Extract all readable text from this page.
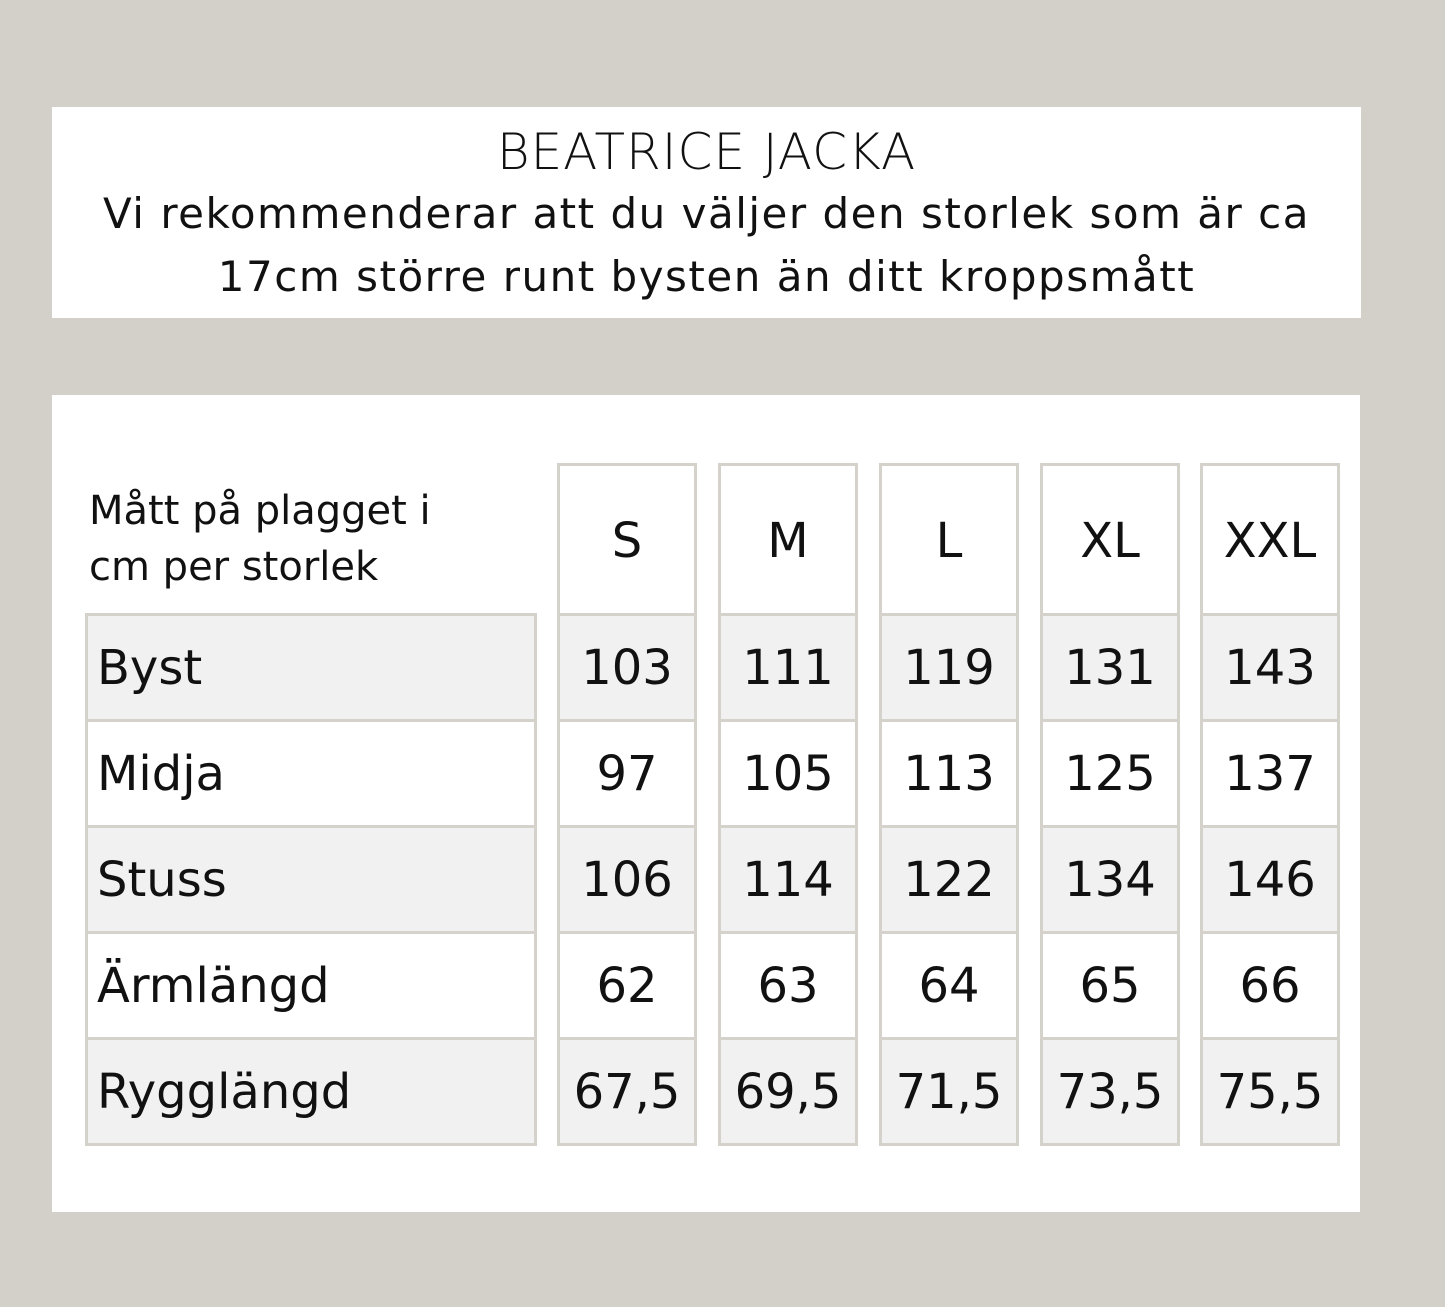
BEATRICE JACKA
Vi rekommenderar att du väljer den storlek som är ca
17cm större runt bysten än ditt kroppsmått
Mått på plagget i
cm per storlek	S	M	L	XL	XXL
Byst	103	111	119	131	143
Midja	97	105	113	125	137
Stuss	106	114	122	134	146
Ärmlängd	62	63	64	65	66
Rygglängd	67,5	69,5	71,5	73,5	75,5
